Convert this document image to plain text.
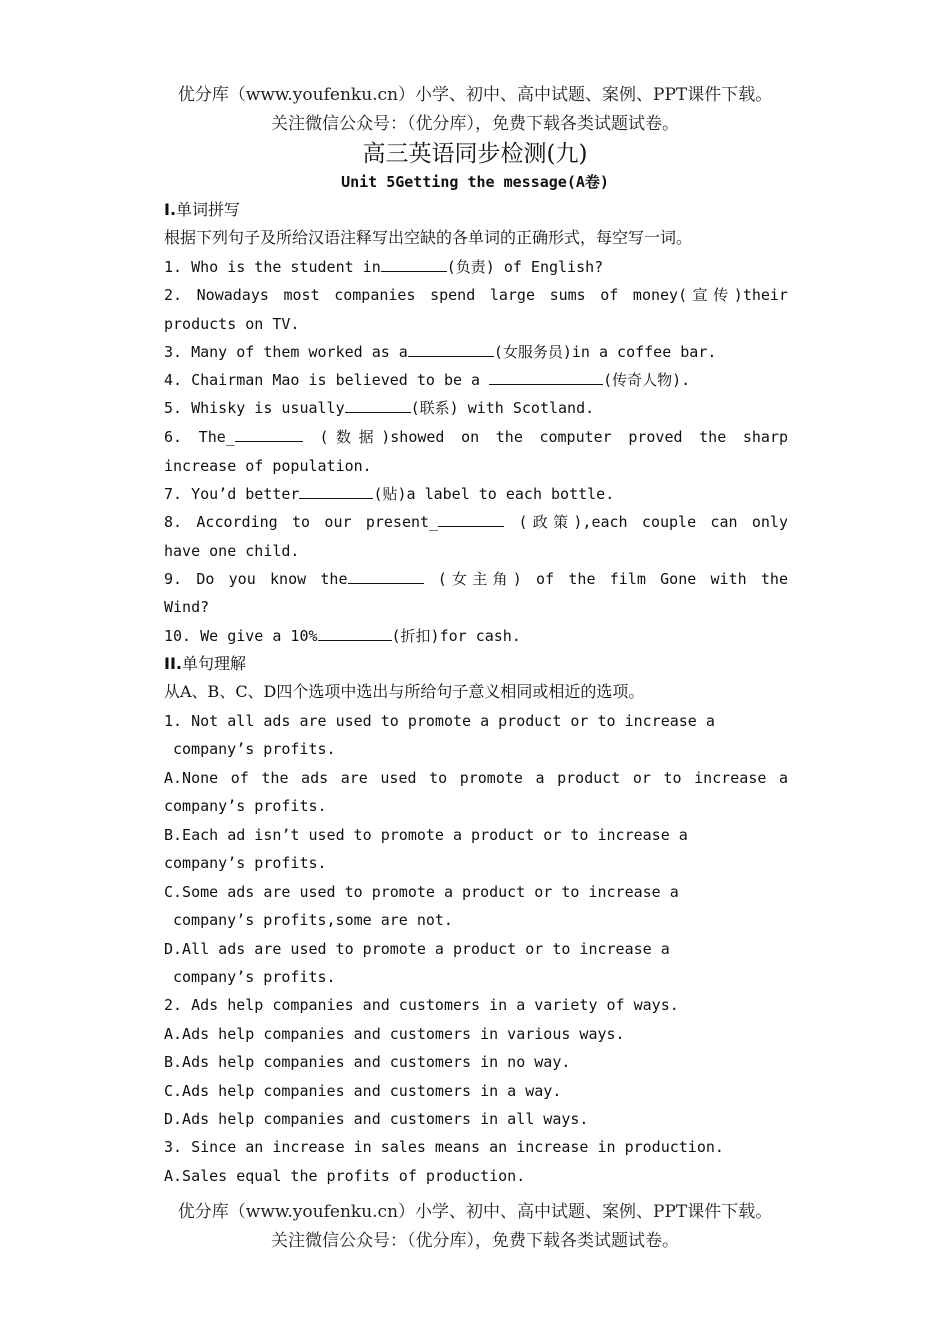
优分库（www.youfenku.cn）小学、初中、高中试题、案例、PPT课件下载。
关注微信公众号：（优分库），免费下载各类试题试卷。
高三英语同步检测(九)
Unit 5Getting the message(A卷)
I.单词拼写
根据下列句子及所给汉语注释写出空缺的各单词的正确形式，每空写一词。
1. Who is the student in	(负责) of English?
2. Nowadays most companies spend large sums of money(宣传)their
products on TV.
3. Many of them worked as a	(女服务员)in a coffee bar.
4. Chairman Mao is believed to be a	(传奇人物).
5. Whisky is usually	(联系) with Scotland.
6. The_	(数据)showed on the computer proved the sharp
increase of population.
7. You’d better	(贴)a label to each bottle.
8. According to our present_	(政策),each couple can only
have one child.
9. Do you know the	(女主角) of the film Gone with the
Wind?
10. We give a 10%	(折扣)for cash.
II.单句理解
从A、B、C、D四个选项中选出与所给句子意义相同或相近的选项。
1. Not all ads are used to promote a product or to increase a
company’s profits.
A.None of the ads are used to promote a product or to increase a
company’s profits.
B.Each ad isn’t used to promote a product or to increase a
company’s profits.
C.Some ads are used to promote a product or to increase a
company’s profits,some are not.
D.All ads are used to promote a product or to increase a
company’s profits.
2. Ads help companies and customers in a variety of ways.
A.Ads help companies and customers in various ways.
B.Ads help companies and customers in no way.
C.Ads help companies and customers in a way.
D.Ads help companies and customers in all ways.
3. Since an increase in sales means an increase in production.
A.Sales equal the profits of production.
优分库（www.youfenku.cn）小学、初中、高中试题、案例、PPT课件下载。
关注微信公众号：（优分库），免费下载各类试题试卷。
